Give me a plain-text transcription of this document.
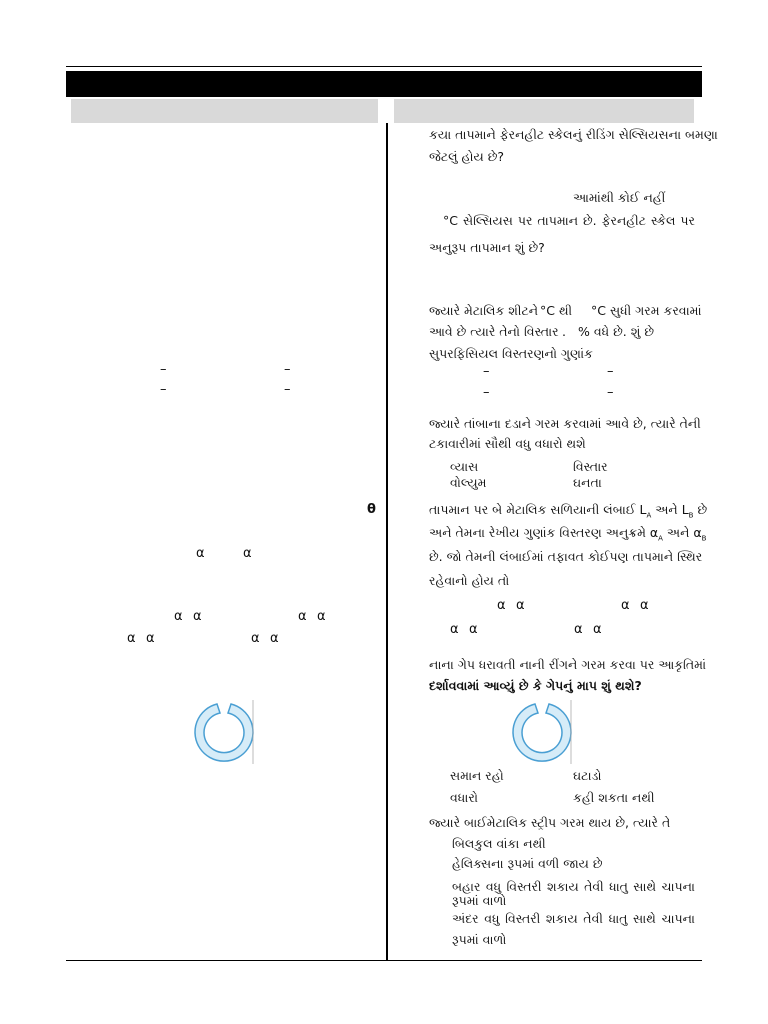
–	–
–	–
θ
α	α
α α	α α
α α	α α
કયા તાપમાને ફેરનહીટ સ્કેલનું રીડિંગ સેલ્સિયસના બમણા
જેટલું હોય છે?
આમાંથી કોઈ નહીં
°C સેલ્સિયસ પર તાપમાન છે. ફેરનહીટ સ્કેલ પર
અનુરૂપ તાપમાન શું છે?
જ્યારે મેટાલિક શીટને °C થી °C સુધી ગરમ કરવામાં
આવે છે ત્યારે તેનો વિસ્તાર . % વધે છે. શું છે
સુપરફિસિયલ વિસ્તરણનો ગુણાંક
–	–
–	–
જ્યારે તાંબાના દડાને ગરમ કરવામાં આવે છે, ત્યારે તેની
ટકાવારીમાં સૌથી વધુ વધારો થશે
વ્યાસ	વિસ્તાર
વોલ્યુમ	ઘનતા
તાપમાન પર બે મેટાલિક સળિયાની લંબાઈ $L_A$ અને $L_B$ છે
અને તેમના રેખીય ગુણાંક વિસ્તરણ અનુક્રમે $\alpha_A$ અને $\alpha_B$
છે. જો તેમની લંબાઈમાં તફાવત કોઈપણ તાપમાને સ્થિર
રહેવાનો હોય તો
α α	α α
α α	α α
નાના ગેપ ધરાવતી નાની રીંગને ગરમ કરવા પર આકૃતિમાં
દર્શાવવામાં આવ્યું છે કે ગેપનું માપ શું થશે?
સમાન રહો	ઘટાડો
વધારો	કહી શકતા નથી
જ્યારે બાઈમેટાલિક સ્ટ્રીપ ગરમ થાય છે, ત્યારે તે
બિલકુલ વાંકા નથી
હેલિક્સના રૂપમાં વળી જાય છે
બહાર વધુ વિસ્તરી શકાય તેવી ધાતુ સાથે ચાપના
રૂપમાં વાળો
અંદર વધુ વિસ્તરી શકાય તેવી ધાતુ સાથે ચાપના
રૂપમાં વાળો
